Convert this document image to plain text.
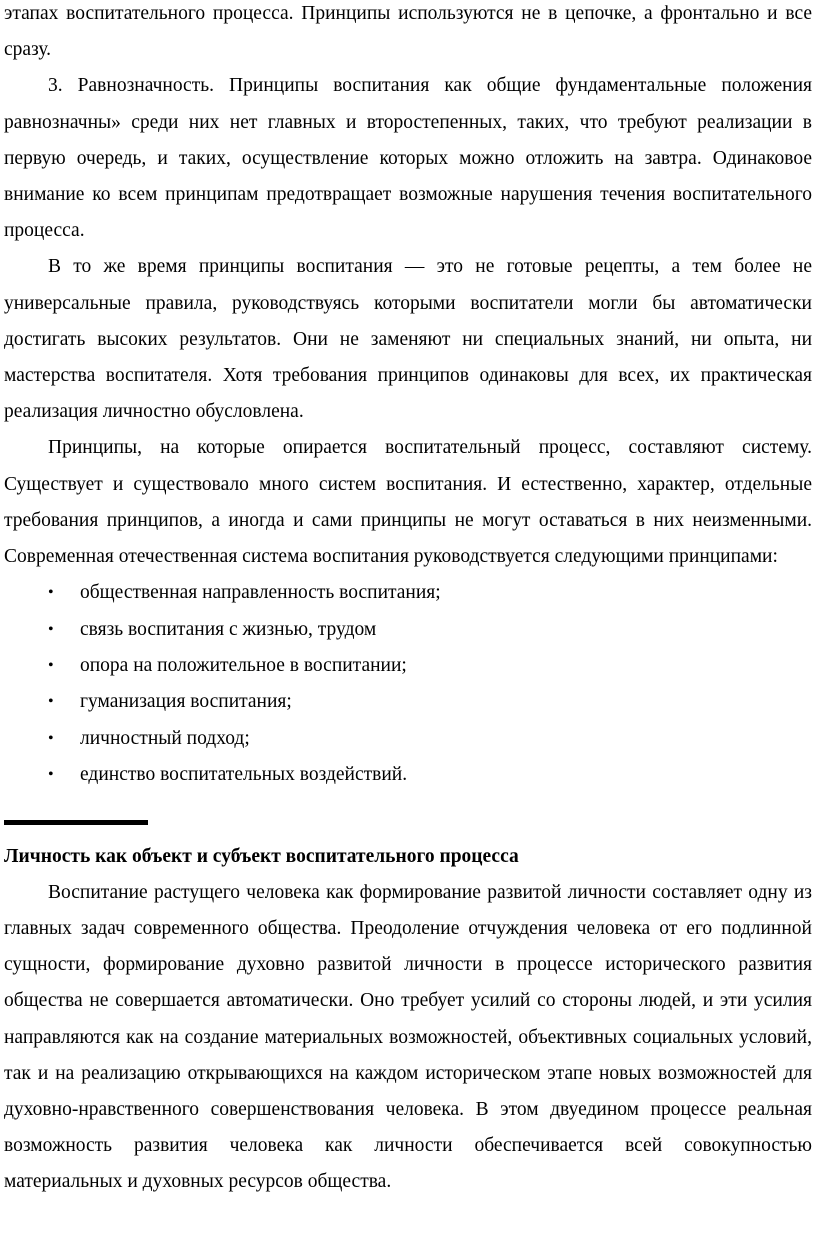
этапах воспитательного процесса. Принципы используются не в цепочке, а фронтально и все сразу.

3. Равнозначность. Принципы воспитания как общие фундаментальные положения равнозначны» среди них нет главных и второстепенных, таких, что требуют реализации в первую очередь, и таких, осуществление которых можно отложить на завтра. Одинаковое внимание ко всем принципам предотвращает возможные нарушения течения воспитательного процесса.

В то же время принципы воспитания — это не готовые рецепты, а тем более не универсальные правила, руководствуясь которыми воспитатели могли бы автоматически достигать высоких результатов. Они не заменяют ни специальных знаний, ни опыта, ни мастерства воспитателя. Хотя требования принципов одинаковы для всех, их практическая реализация личностно обусловлена.

Принципы, на которые опирается воспитательный процесс, составляют систему. Существует и существовало много систем воспитания. И естественно, характер, отдельные требования принципов, а иногда и сами принципы не могут оставаться в них неизменными. Современная отечественная система воспитания руководствуется следующими принципами:

• общественная направленность воспитания;
• связь воспитания с жизнью, трудом
• опора на положительное в воспитании;
• гуманизация воспитания;
• личностный подход;
• единство воспитательных воздействий.
Личность как объект и субъект воспитательного процесса

Воспитание растущего человека как формирование развитой личности составляет одну из главных задач современного общества. Преодоление отчуждения человека от его подлинной сущности, формирование духовно развитой личности в процессе исторического развития общества не совершается автоматически. Оно требует усилий со стороны людей, и эти усилия направляются как на создание материальных возможностей, объективных социальных условий, так и на реализацию открывающихся на каждом историческом этапе новых возможностей для духовно-нравственного совершенствования человека. В этом двуедином процессе реальная возможность развития человека как личности обеспечивается всей совокупностью материальных и духовных ресурсов общества.
